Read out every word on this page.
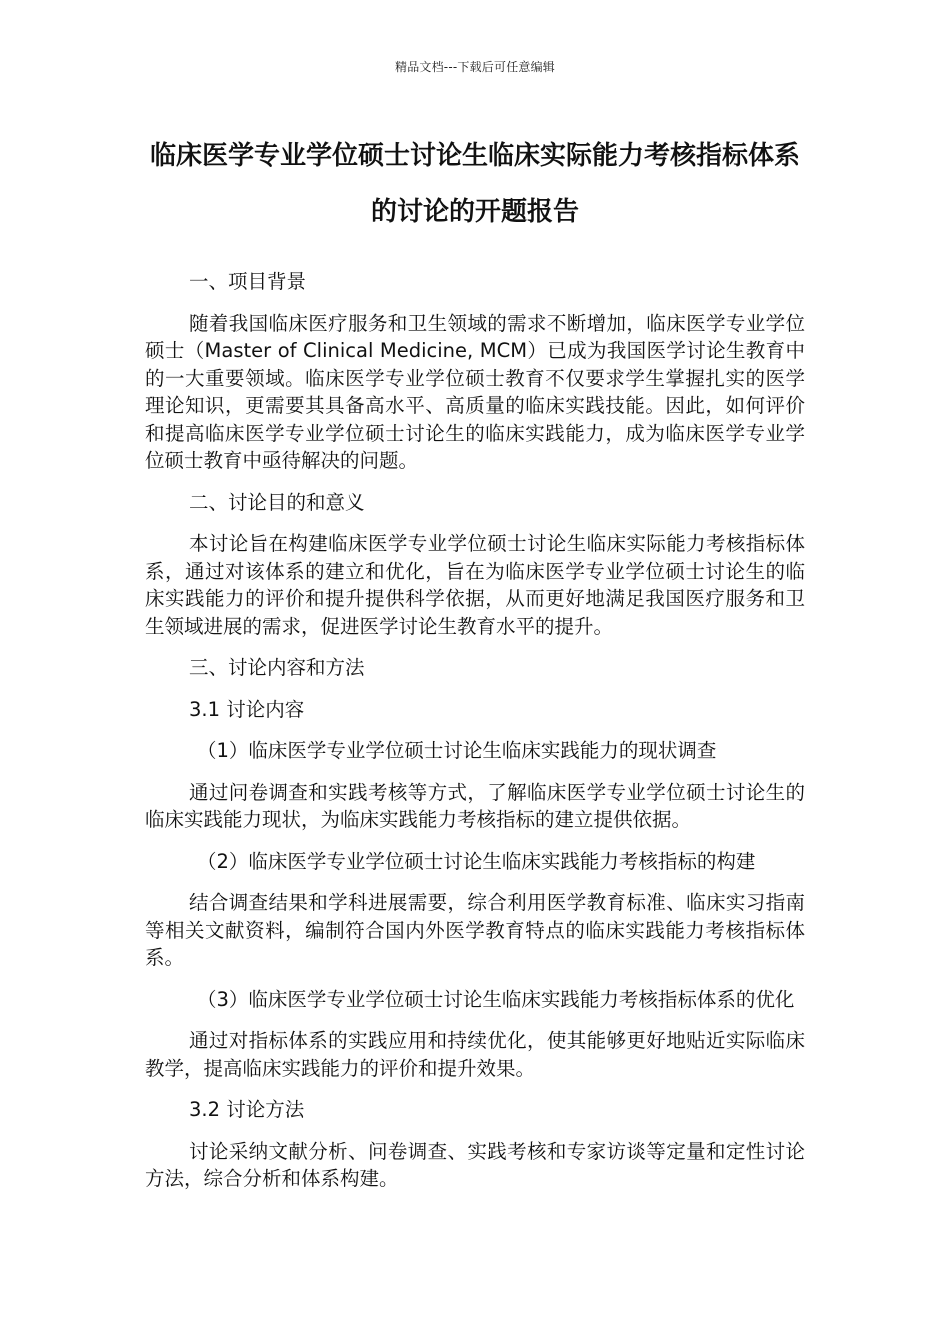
精品文档---下载后可任意编辑
临床医学专业学位硕士讨论生临床实际能力考核指标体系的讨论的开题报告

一、项目背景

随着我国临床医疗服务和卫生领域的需求不断增加，临床医学专业学位硕士（Master of Clinical Medicine, MCM）已成为我国医学讨论生教育中的一大重要领域。临床医学专业学位硕士教育不仅要求学生掌握扎实的医学理论知识，更需要其具备高水平、高质量的临床实践技能。因此，如何评价和提高临床医学专业学位硕士讨论生的临床实践能力，成为临床医学专业学位硕士教育中亟待解决的问题。

二、讨论目的和意义

本讨论旨在构建临床医学专业学位硕士讨论生临床实际能力考核指标体系，通过对该体系的建立和优化，旨在为临床医学专业学位硕士讨论生的临床实践能力的评价和提升提供科学依据，从而更好地满足我国医疗服务和卫生领域进展的需求，促进医学讨论生教育水平的提升。

三、讨论内容和方法

3.1 讨论内容

（1）临床医学专业学位硕士讨论生临床实践能力的现状调查

通过问卷调查和实践考核等方式，了解临床医学专业学位硕士讨论生的临床实践能力现状，为临床实践能力考核指标的建立提供依据。

（2）临床医学专业学位硕士讨论生临床实践能力考核指标的构建

结合调查结果和学科进展需要，综合利用医学教育标准、临床实习指南等相关文献资料，编制符合国内外医学教育特点的临床实践能力考核指标体系。

（3）临床医学专业学位硕士讨论生临床实践能力考核指标体系的优化

通过对指标体系的实践应用和持续优化，使其能够更好地贴近实际临床教学，提高临床实践能力的评价和提升效果。

3.2 讨论方法

讨论采纳文献分析、问卷调查、实践考核和专家访谈等定量和定性讨论方法，综合分析和体系构建。
